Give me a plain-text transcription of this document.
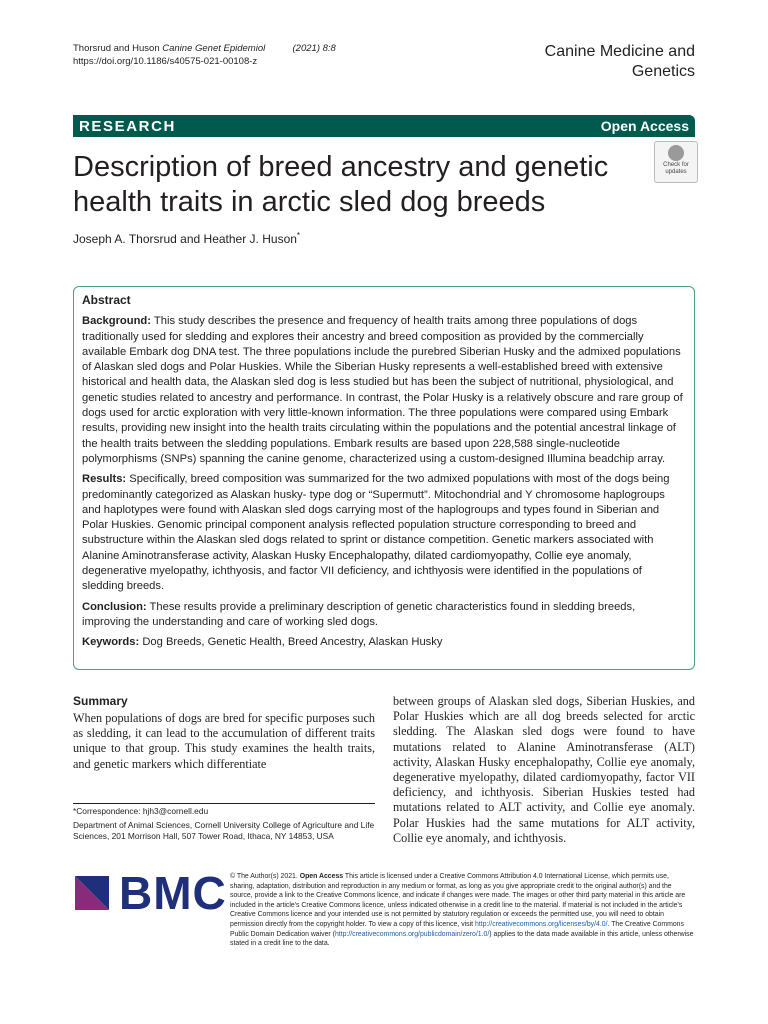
Thorsrud and Huson Canine Genet Epidemiol	(2021) 8:8
https://doi.org/10.1186/s40575-021-00108-z
Canine Medicine and
Genetics
RESEARCH	Open Access
Description of breed ancestry and genetic health traits in arctic sled dog breeds
Check for
updates
Joseph A. Thorsrud and Heather J. Huson*
Abstract

Background: This study describes the presence and frequency of health traits among three populations of dogs traditionally used for sledding and explores their ancestry and breed composition as provided by the commercially available Embark dog DNA test. The three populations include the purebred Siberian Husky and the admixed populations of Alaskan sled dogs and Polar Huskies. While the Siberian Husky represents a well-established breed with extensive historical and health data, the Alaskan sled dog is less studied but has been the subject of nutritional, physiological, and genetic studies related to ancestry and performance. In contrast, the Polar Husky is a relatively obscure and rare group of dogs used for arctic exploration with very little-known information. The three populations were compared using Embark results, providing new insight into the health traits circulating within the populations and the potential ancestral linkage of the health traits between the sledding populations. Embark results are based upon 228,588 single-nucleotide polymorphisms (SNPs) spanning the canine genome, characterized using a custom-designed Illumina beadchip array.

Results: Specifically, breed composition was summarized for the two admixed populations with most of the dogs being predominantly categorized as Alaskan husky- type dog or “Supermutt”. Mitochondrial and Y chromosome haplogroups and haplotypes were found with Alaskan sled dogs carrying most of the haplogroups and types found in Siberian and Polar Huskies. Genomic principal component analysis reflected population structure corresponding to breed and substructure within the Alaskan sled dogs related to sprint or distance competition. Genetic markers associated with Alanine Aminotransferase activity, Alaskan Husky Encephalopathy, dilated cardiomyopathy, Collie eye anomaly, degenerative myelopathy, ichthyosis, and factor VII deficiency, and ichthyosis were identified in the populations of sledding breeds.

Conclusion: These results provide a preliminary description of genetic characteristics found in sledding breeds, improving the understanding and care of working sled dogs.

Keywords: Dog Breeds, Genetic Health, Breed Ancestry, Alaskan Husky

Summary
When populations of dogs are bred for specific purposes such as sledding, it can lead to the accumulation of different traits unique to that group. This study examines the health traits, and genetic markers which differentiate
between groups of Alaskan sled dogs, Siberian Huskies, and Polar Huskies which are all dog breeds selected for arctic sledding. The Alaskan sled dogs were found to have mutations related to Alanine Aminotransferase (ALT) activity, Alaskan Husky encephalopathy, Collie eye anomaly, degenerative myelopathy, dilated cardiomyopathy, factor VII deficiency, and ichthyosis. Siberian Huskies tested had mutations related to ALT activity, and Collie eye anomaly. Polar Huskies had the same mutations for ALT activity, Collie eye anomaly, and ichthyosis.

*Correspondence: hjh3@cornell.edu

Department of Animal Sciences, Cornell University College of Agriculture and Life Sciences, 201 Morrison Hall, 507 Tower Road, Ithaca, NY 14853, USA

BMC © The Author(s) 2021. Open Access This article is licensed under a Creative Commons Attribution 4.0 International License, which permits use, sharing, adaptation, distribution and reproduction in any medium or format, as long as you give appropriate credit to the original author(s) and the source, provide a link to the Creative Commons licence, and indicate if changes were made. The images or other third party material in this article are included in the article's Creative Commons licence, unless indicated otherwise in a credit line to the material. If material is not included in the article's Creative Commons licence and your intended use is not permitted by statutory regulation or exceeds the permitted use, you will need to obtain permission directly from the copyright holder. To view a copy of this licence, visit http://creativecommons.org/licenses/by/4.0/. The Creative Commons Public Domain Dedication waiver (http://creativecommons.org/publicdomain/zero/1.0/) applies to the data made available in this article, unless otherwise stated in a credit line to the data.
